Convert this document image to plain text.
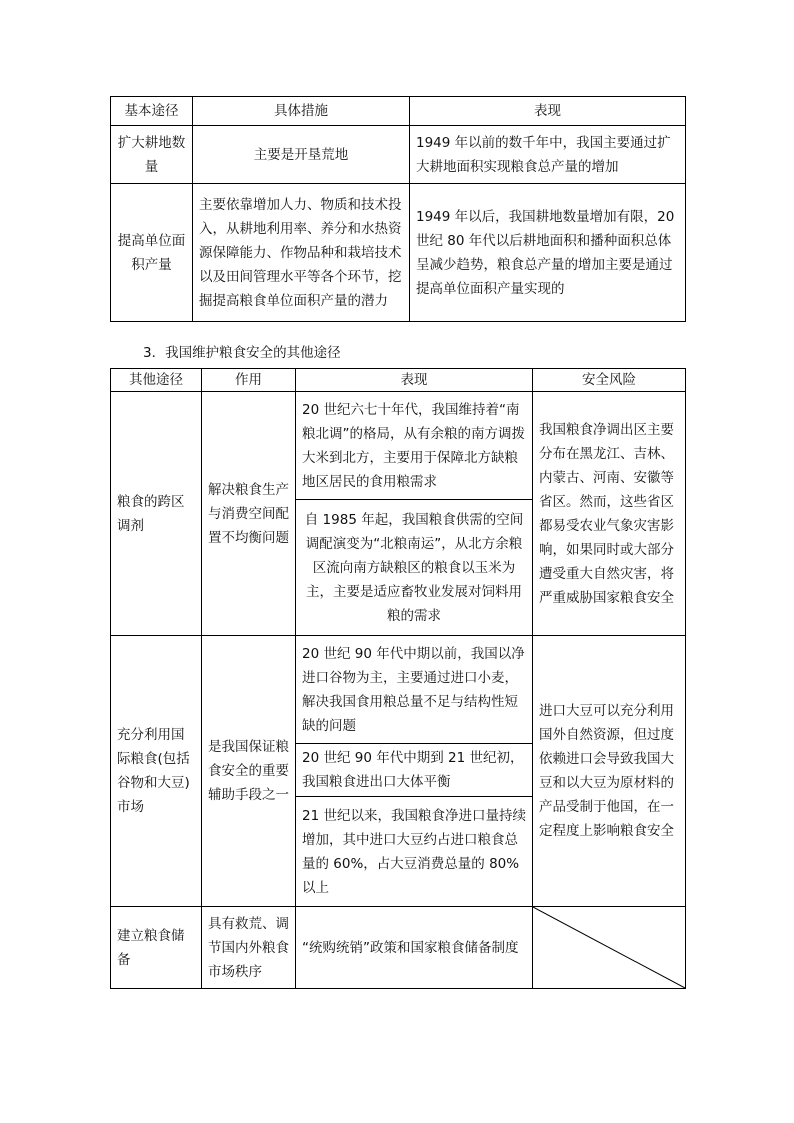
基本途径	具体措施	表现
扩大耕地数量	主要是开垦荒地	1949 年以前的数千年中，我国主要通过扩大耕地面积实现粮食总产量的增加
提高单位面积产量	主要依靠增加人力、物质和技术投入，从耕地利用率、养分和水热资源保障能力、作物品种和栽培技术以及田间管理水平等各个环节，挖掘提高粮食单位面积产量的潜力	1949 年以后，我国耕地数量增加有限，20 世纪 80 年代以后耕地面积和播种面积总体呈减少趋势，粮食总产量的增加主要是通过提高单位面积产量实现的

3．我国维护粮食安全的其他途径

其他途径	作用	表现	安全风险
粮食的跨区调剂	解决粮食生产与消费空间配置不均衡问题	20 世纪六七十年代，我国维持着“南粮北调”的格局，从有余粮的南方调拨大米到北方，主要用于保障北方缺粮地区居民的食用粮需求	我国粮食净调出区主要分布在黑龙江、吉林、内蒙古、河南、安徽等省区。然而，这些省区都易受农业气象灾害影响，如果同时或大部分遭受重大自然灾害，将严重威胁国家粮食安全
		自 1985 年起，我国粮食供需的空间调配演变为“北粮南运”，从北方余粮区流向南方缺粮区的粮食以玉米为主，主要是适应畜牧业发展对饲料用粮的需求	
充分利用国际粮食(包括谷物和大豆)市场	是我国保证粮食安全的重要辅助手段之一	20 世纪 90 年代中期以前，我国以净进口谷物为主，主要通过进口小麦，解决我国食用粮总量不足与结构性短缺的问题	进口大豆可以充分利用国外自然资源，但过度依赖进口会导致我国大豆和以大豆为原材料的产品受制于他国，在一定程度上影响粮食安全
		20 世纪 90 年代中期到 21 世纪初，我国粮食进出口大体平衡	
		21 世纪以来，我国粮食净进口量持续增加，其中进口大豆约占进口粮食总量的 60%，占大豆消费总量的 80%以上	
建立粮食储备	具有救荒、调节国内外粮食市场秩序	“统购统销”政策和国家粮食储备制度	
